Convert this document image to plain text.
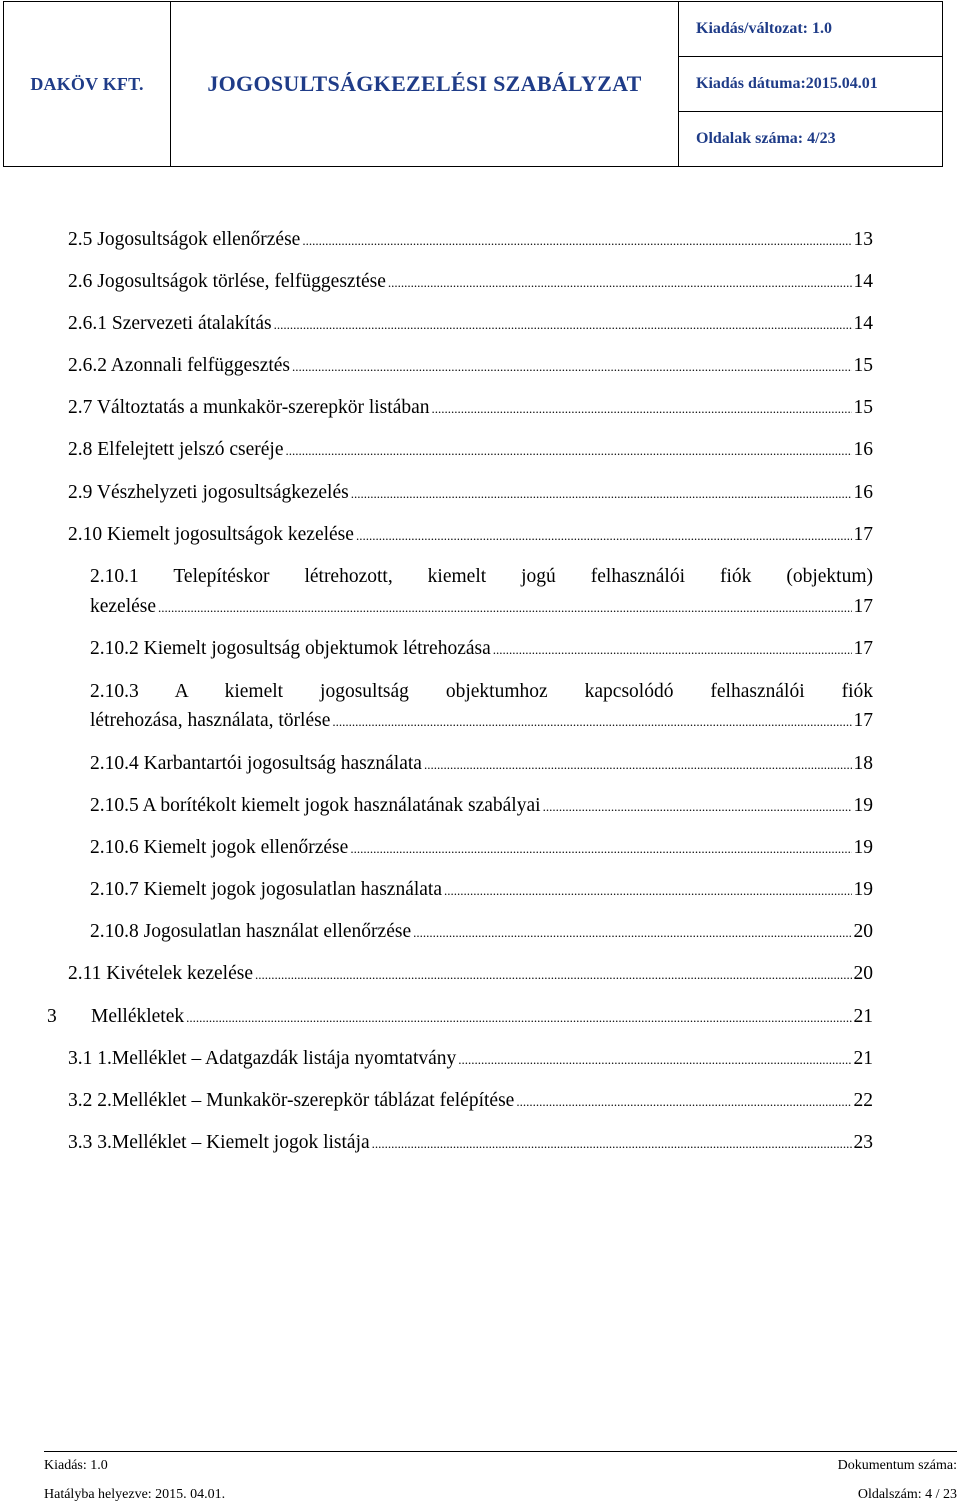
DAKÖV KFT.	JOGOSULTSÁGKEZELÉSI SZABÁLYZAT
Kiadás/változat: 1.0
Kiadás dátuma:2015.04.01
Oldalak száma: 4/23
2.5 Jogosultságok ellenőrzése .....	13
2.6 Jogosultságok törlése, felfüggesztése .....	14
2.6.1 Szervezeti átalakítás .....	14
2.6.2 Azonnali felfüggesztés .....	15
2.7 Változtatás a munkakör-szerepkör listában .....	15
2.8 Elfelejtett jelszó cseréje .....	16
2.9 Vészhelyzeti jogosultságkezelés .....	16
2.10 Kiemelt jogosultságok kezelése .....	17
2.10.1 Telepítéskor létrehozott, kiemelt jogú felhasználói fiók (objektum)
kezelése .....	17
2.10.2 Kiemelt jogosultság objektumok létrehozása .....	17
2.10.3 A kiemelt jogosultság objektumhoz kapcsolódó felhasználói fiók
létrehozása, használata, törlése .....	17
2.10.4 Karbantartói jogosultság használata .....	18
2.10.5 A borítékolt kiemelt jogok használatának szabályai .....	19
2.10.6 Kiemelt jogok ellenőrzése .....	19
2.10.7 Kiemelt jogok jogosulatlan használata .....	19
2.10.8 Jogosulatlan használat ellenőrzése .....	20
2.11 Kivételek kezelése .....	20
3	Mellékletek .....	21
3.1 1.Melléklet – Adatgazdák listája nyomtatvány .....	21
3.2 2.Melléklet – Munkakör-szerepkör táblázat felépítése .....	22
3.3 3.Melléklet – Kiemelt jogok listája .....	23
Kiadás: 1.0	Dokumentum száma:
Hatályba helyezve: 2015. 04.01.	Oldalszám: 4 / 23
